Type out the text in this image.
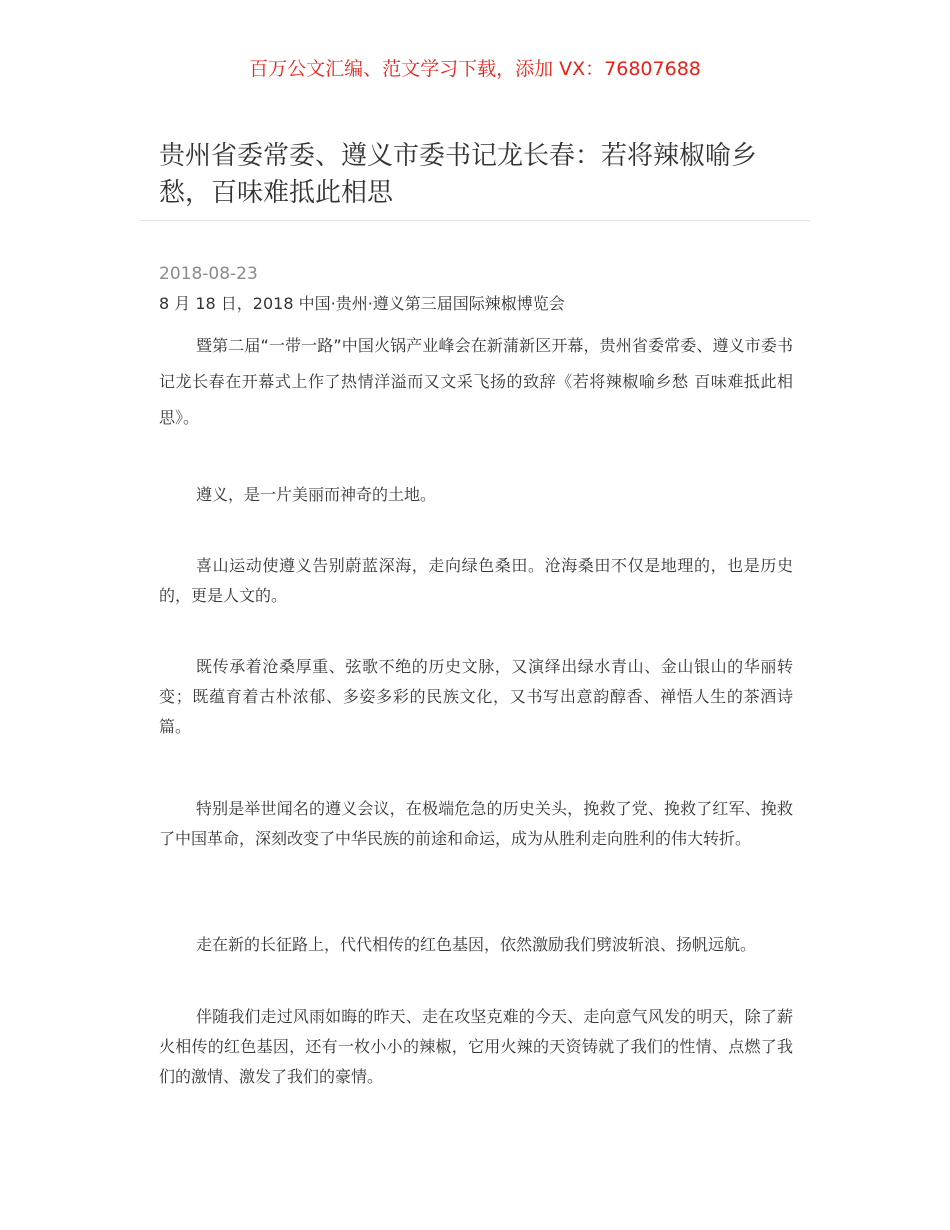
百万公文汇编、范文学习下载，添加 VX：76807688
贵州省委常委、遵义市委书记龙长春：若将辣椒喻乡愁，百味难抵此相思
2018-08-23
8 月 18 日，2018 中国·贵州·遵义第三届国际辣椒博览会

暨第二届“一带一路”中国火锅产业峰会在新蒲新区开幕，贵州省委常委、遵义市委书记龙长春在开幕式上作了热情洋溢而又文采飞扬的致辞《若将辣椒喻乡愁 百味难抵此相思》。

遵义，是一片美丽而神奇的土地。

喜山运动使遵义告别蔚蓝深海，走向绿色桑田。沧海桑田不仅是地理的，也是历史的，更是人文的。

既传承着沧桑厚重、弦歌不绝的历史文脉，又演绎出绿水青山、金山银山的华丽转变；既蕴育着古朴浓郁、多姿多彩的民族文化，又书写出意韵醇香、禅悟人生的茶酒诗篇。

特别是举世闻名的遵义会议，在极端危急的历史关头，挽救了党、挽救了红军、挽救了中国革命，深刻改变了中华民族的前途和命运，成为从胜利走向胜利的伟大转折。

走在新的长征路上，代代相传的红色基因，依然激励我们劈波斩浪、扬帆远航。

伴随我们走过风雨如晦的昨天、走在攻坚克难的今天、走向意气风发的明天，除了薪火相传的红色基因，还有一枚小小的辣椒，它用火辣的天资铸就了我们的性情、点燃了我们的激情、激发了我们的豪情。
